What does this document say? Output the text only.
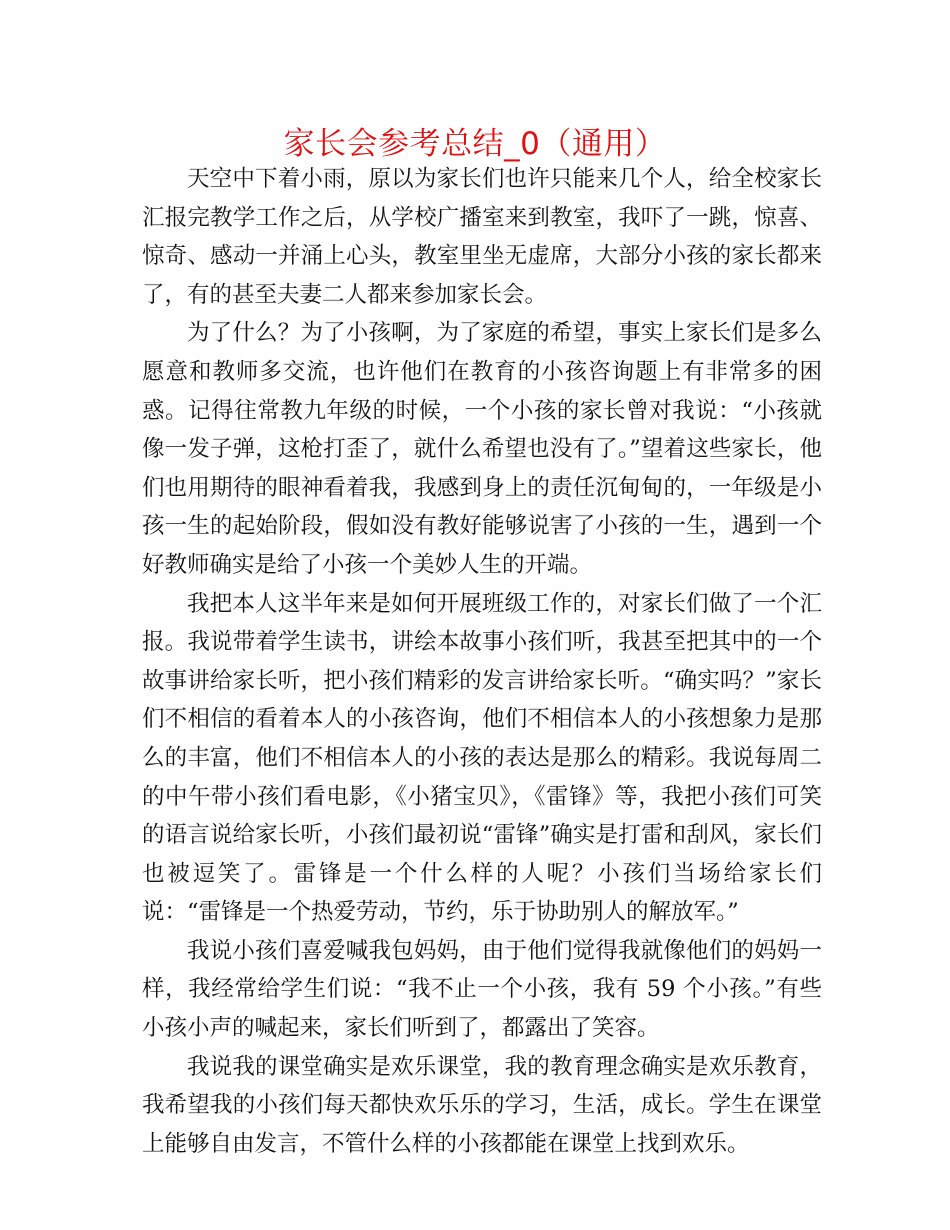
家长会参考总结_0（通用）

天空中下着小雨，原以为家长们也许只能来几个人，给全校家长汇报完教学工作之后，从学校广播室来到教室，我吓了一跳，惊喜、惊奇、感动一并涌上心头，教室里坐无虚席，大部分小孩的家长都来了，有的甚至夫妻二人都来参加家长会。

为了什么？为了小孩啊，为了家庭的希望，事实上家长们是多么愿意和教师多交流，也许他们在教育的小孩咨询题上有非常多的困惑。记得往常教九年级的时候，一个小孩的家长曾对我说：“小孩就像一发子弹，这枪打歪了，就什么希望也没有了。”望着这些家长，他们也用期待的眼神看着我，我感到身上的责任沉甸甸的，一年级是小孩一生的起始阶段，假如没有教好能够说害了小孩的一生，遇到一个好教师确实是给了小孩一个美妙人生的开端。

我把本人这半年来是如何开展班级工作的，对家长们做了一个汇报。我说带着学生读书，讲绘本故事小孩们听，我甚至把其中的一个故事讲给家长听，把小孩们精彩的发言讲给家长听。“确实吗？”家长们不相信的看着本人的小孩咨询，他们不相信本人的小孩想象力是那么的丰富，他们不相信本人的小孩的表达是那么的精彩。我说每周二的中午带小孩们看电影，《小猪宝贝》，《雷锋》等，我把小孩们可笑的语言说给家长听，小孩们最初说“雷锋”确实是打雷和刮风，家长们也被逗笑了。雷锋是一个什么样的人呢？小孩们当场给家长们说：“雷锋是一个热爱劳动，节约，乐于协助别人的解放军。”

我说小孩们喜爱喊我包妈妈，由于他们觉得我就像他们的妈妈一样，我经常给学生们说：“我不止一个小孩，我有 59 个小孩。”有些小孩小声的喊起来，家长们听到了，都露出了笑容。

我说我的课堂确实是欢乐课堂，我的教育理念确实是欢乐教育，我希望我的小孩们每天都快欢乐乐的学习，生活，成长。学生在课堂上能够自由发言，不管什么样的小孩都能在课堂上找到欢乐。
